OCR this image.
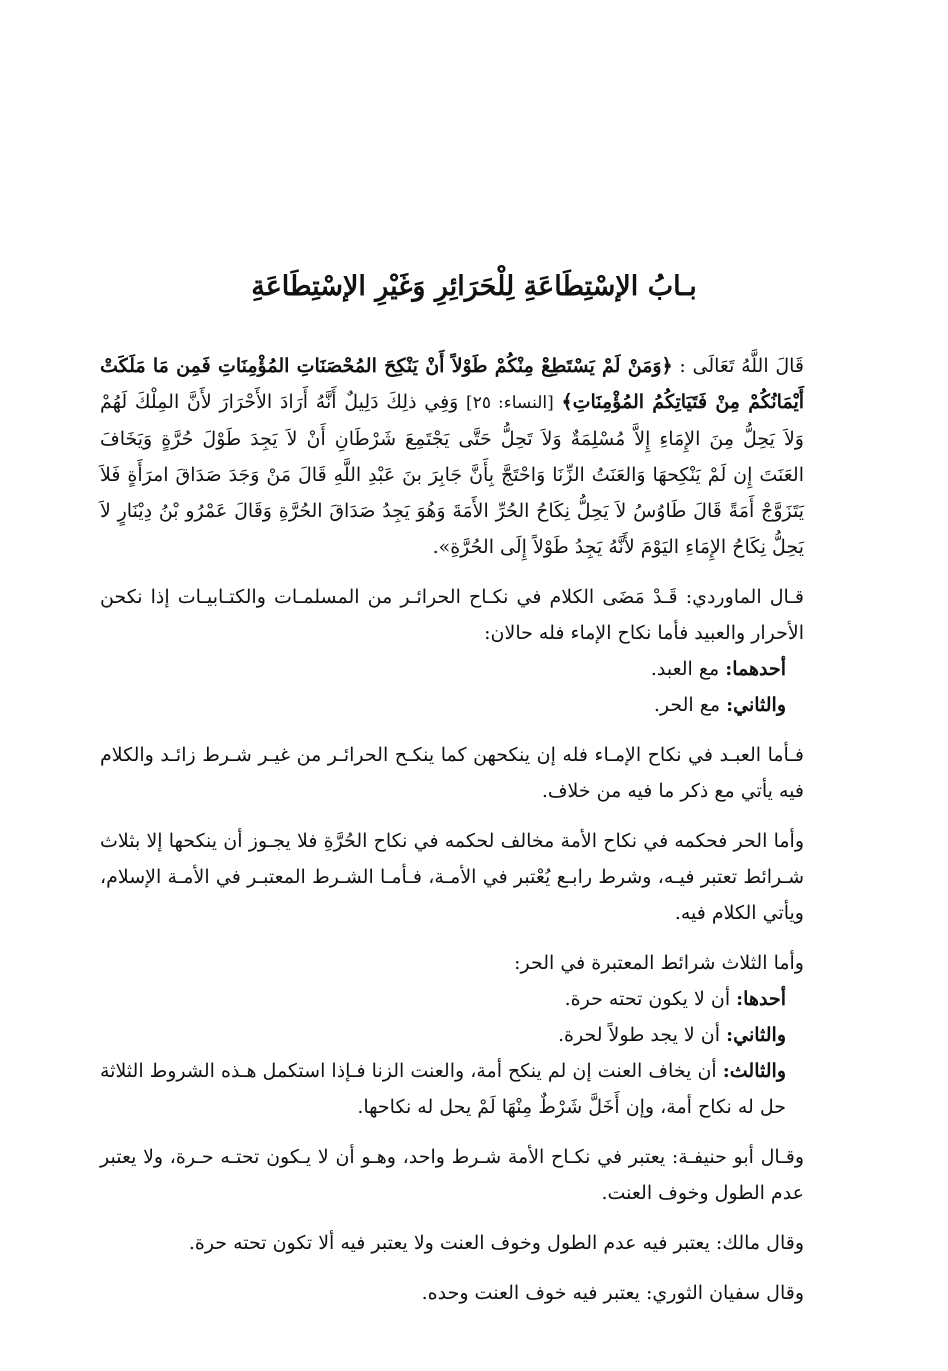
بـابُ الإسْتِطَاعَةِ لِلْحَرَائِرِ وَغَيْرِ الإسْتِطَاعَةِ

قَالَ اللَّهُ تَعَالَى : ﴿وَمَنْ لَمْ يَسْتَطِعْ مِنْكُمْ طَوْلاً أَنْ يَنْكِحَ المُحْصَنَاتِ المُؤْمِنَاتِ فَمِن مَا مَلَكَتْ أَيْمَانُكُمْ مِنْ فَتَيَاتِكُمُ المُؤْمِنَاتِ﴾ [النساء: ٢٥] وَفِي ذلِكَ دَلِيلٌ أَنَّهُ أَرَادَ الأَحْرَارَ لأَنَّ المِلْكَ لَهُمْ وَلاَ يَحِلُّ مِنَ الإِمَاءِ إِلاَّ مُسْلِمَةٌ وَلاَ تَحِلُّ حَتَّى يَجْتَمِعَ شَرْطَانِ أَنْ لاَ يَجِدَ طَوْلَ حُرَّةٍ وَيَخَافَ العَنَتَ إِن لَمْ يَنْكِحهَا وَالعَنَتُ الزِّنَا وَاحْتَجَّ بِأَنَّ جَابِرَ بنَ عَبْدِ اللَّهِ قَالَ مَنْ وَجَدَ صَدَاقَ امرَأَةٍ فَلاَ يَتَزَوَّجْ أَمَةً قَالَ طَاوُسُ لاَ يَحِلُّ نِكَاحُ الحُرِّ الأَمَةَ وَهُوَ يَجِدُ صَدَاقَ الحُرَّةِ وَقَالَ عَمْرُو بْنُ دِيْنَارٍ لاَ يَحِلُّ نِكَاحُ الإِمَاءِ اليَوْمَ لأَنَّهُ يَجِدُ طَوْلاً إِلَى الحُرَّةِ».

قـال الماوردي: قَـدْ مَضَى الكلام في نكـاح الحرائـر من المسلمـات والكتـابيـات إذا نكحن الأحرار والعبيد فأما نكاح الإماء فله حالان:

أحدهما: مع العبد.

والثاني: مع الحر.

فـأما العبـد في نكاح الإمـاء فله إن ينكحهن كما ينكـح الحرائـر من غيـر شـرط زائـد والكلام فيه يأتي مع ذكر ما فيه من خلاف.

وأما الحر فحكمه في نكاح الأمة مخالف لحكمه في نكاح الحُرَّةِ فلا يجـوز أن ينكحها إلا بثلاث شـرائط تعتبر فيـه، وشرط رابـع يُعْتبر في الأمـة، فـأمـا الشـرط المعتبـر في الأمـة الإسلام، ويأتي الكلام فيه.

وأما الثلاث شرائط المعتبرة في الحر:

أحدها: أن لا يكون تحته حرة.

والثاني: أن لا يجد طولاً لحرة.

والثالث: أن يخاف العنت إن لم ينكح أمة، والعنت الزنا فـإذا استكمل هـذه الشروط الثلاثة حل له نكاح أمة، وإن أَخَلَّ شَرْطٌ مِنْهَا لَمْ يحل له نكاحها.

وقـال أبو حنيفـة: يعتبر في نكـاح الأمة شـرط واحد، وهـو أن لا يـكون تحتـه حـرة، ولا يعتبر عدم الطول وخوف العنت.

وقال مالك: يعتبر فيه عدم الطول وخوف العنت ولا يعتبر فيه ألا تكون تحته حرة.

وقال سفيان الثوري: يعتبر فيه خوف العنت وحده.
